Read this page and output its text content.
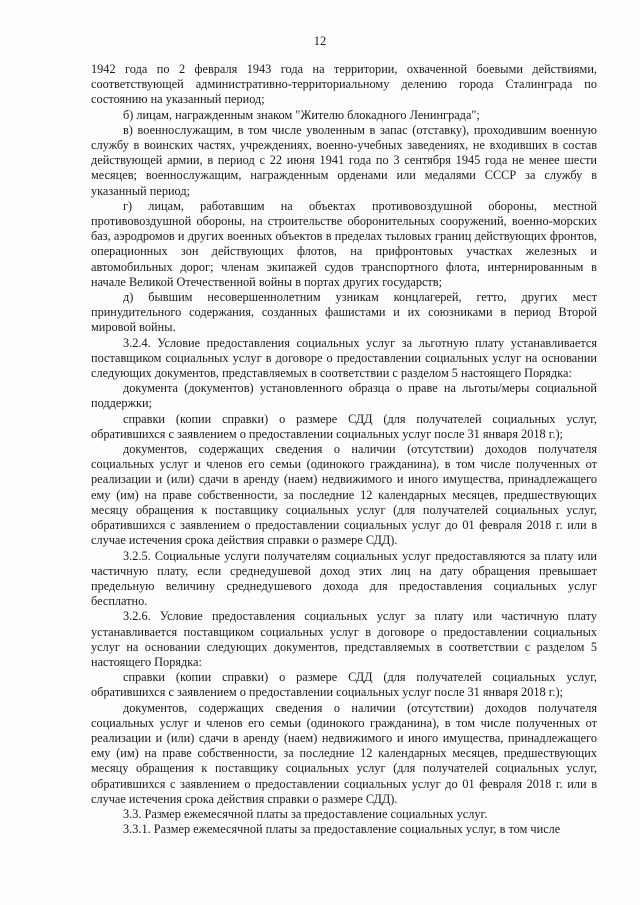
12

1942 года по 2 февраля 1943 года на территории, охваченной боевыми действиями, соответствующей административно-территориальному делению города Сталинграда по состоянию на указанный период;

б) лицам, награжденным знаком "Жителю блокадного Ленинграда";

в) военнослужащим, в том числе уволенным в запас (отставку), проходившим военную службу в воинских частях, учреждениях, военно-учебных заведениях, не входивших в состав действующей армии, в период с 22 июня 1941 года по 3 сентября 1945 года не менее шести месяцев; военнослужащим, награжденным орденами или медалями СССР за службу в указанный период;

г) лицам, работавшим на объектах противовоздушной обороны, местной противовоздушной обороны, на строительстве оборонительных сооружений, военно-морских баз, аэродромов и других военных объектов в пределах тыловых границ действующих фронтов, операционных зон действующих флотов, на прифронтовых участках железных и автомобильных дорог; членам экипажей судов транспортного флота, интернированным в начале Великой Отечественной войны в портах других государств;

д) бывшим несовершеннолетним узникам концлагерей, гетто, других мест принудительного содержания, созданных фашистами и их союзниками в период Второй мировой войны.

3.2.4. Условие предоставления социальных услуг за льготную плату устанавливается поставщиком социальных услуг в договоре о предоставлении социальных услуг на основании следующих документов, представляемых в соответствии с разделом 5 настоящего Порядка:

документа (документов) установленного образца о праве на льготы/меры социальной поддержки;

справки (копии справки) о размере СДД (для получателей социальных услуг, обратившихся с заявлением о предоставлении социальных услуг после 31 января 2018 г.);

документов, содержащих сведения о наличии (отсутствии) доходов получателя социальных услуг и членов его семьи (одинокого гражданина), в том числе полученных от реализации и (или) сдачи в аренду (наем) недвижимого и иного имущества, принадлежащего ему (им) на праве собственности, за последние 12 календарных месяцев, предшествующих месяцу обращения к поставщику социальных услуг (для получателей социальных услуг, обратившихся с заявлением о предоставлении социальных услуг до 01 февраля 2018 г. или в случае истечения срока действия справки о размере СДД).

3.2.5. Социальные услуги получателям социальных услуг предоставляются за плату или частичную плату, если среднедушевой доход этих лиц на дату обращения превышает предельную величину среднедушевого дохода для предоставления социальных услуг бесплатно.

3.2.6. Условие предоставления социальных услуг за плату или частичную плату устанавливается поставщиком социальных услуг в договоре о предоставлении социальных услуг на основании следующих документов, представляемых в соответствии с разделом 5 настоящего Порядка:

справки (копии справки) о размере СДД (для получателей социальных услуг, обратившихся с заявлением о предоставлении социальных услуг после 31 января 2018 г.);

документов, содержащих сведения о наличии (отсутствии) доходов получателя социальных услуг и членов его семьи (одинокого гражданина), в том числе полученных от реализации и (или) сдачи в аренду (наем) недвижимого и иного имущества, принадлежащего ему (им) на праве собственности, за последние 12 календарных месяцев, предшествующих месяцу обращения к поставщику социальных услуг (для получателей социальных услуг, обратившихся с заявлением о предоставлении социальных услуг до 01 февраля 2018 г. или в случае истечения срока действия справки о размере СДД).

3.3. Размер ежемесячной платы за предоставление социальных услуг.

3.3.1. Размер ежемесячной платы за предоставление социальных услуг, в том числе
